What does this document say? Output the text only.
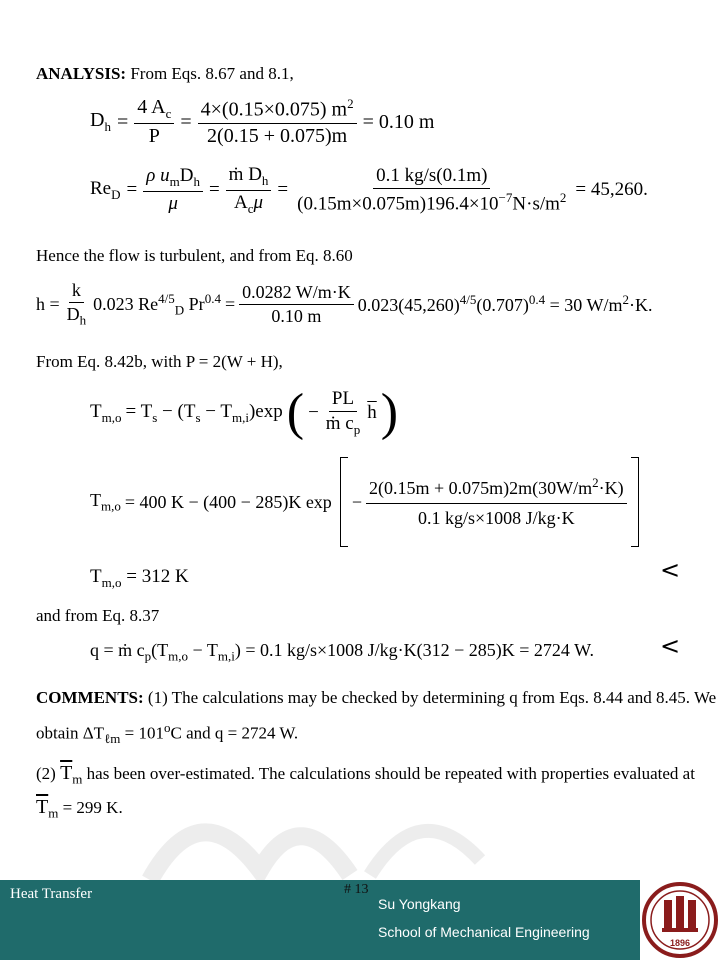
ANALYSIS: From Eqs. 8.67 and 8.1,
$D_h = \frac{4 A_c}{P} = \frac{4\times(0.15\times 0.075) m^2}{2(0.15 + 0.075)m} = 0.10$ m
$Re_D = \frac{\rho u_mD_h}{\mu} = \frac{ṁ D_h}{A_c\mu} = \frac{0.1 kg/s(0.1m)}{(0.15m\times 0.075m)196.4\times 10^{-7}N\cdot s/m^2} = 45,260$.
Hence the flow is turbulent, and from Eq. 8.60
$h = \frac{k}{D_h} 0.023$ $Re^{4/5}_D$ $Pr^{0.4} = \frac{0.0282 W/m\cdot K}{0.10 m} 0.023(45,260)^{4/5}(0.707)^{0.4} = 30$ $W/m^2\cdot K$.
From Eq. 8.42b, with P = 2(W + H),
$T_{m,o} = T_s - (T_s - T_{m,i})\exp$ ( − $\frac{PL}{ṁ c_p} \overline{h}$ )
$T_{m,o} = 400$ K − (400 − 285)K $\exp - \frac{2(0.15m + 0.075m)2m(30W/m^2\cdot K)}{0.1 kg/s\times 1008 J/kg\cdot K}$
$T_{m,o} = 312$ K	<
and from Eq. 8.37
q = ṁ $c_p(T_{m,o} - T_{m,i}) = 0.1$ kg/s×1008 J/kg·K(312 − 285)K = 2724 W.	<
COMMENTS: (1) The calculations may be checked by determining q from Eqs. 8.44 and 8.45. We
obtain $\Delta T_{\ell m} = 101^oC$ and q = 2724 W.
(2) $\overline{T}_m$ has been over-estimated. The calculations should be repeated with properties evaluated at
$\overline{T}_m = 299$ K.
Heat Transfer	# 13
Su Yongkang
School of Mechanical Engineering
1896
